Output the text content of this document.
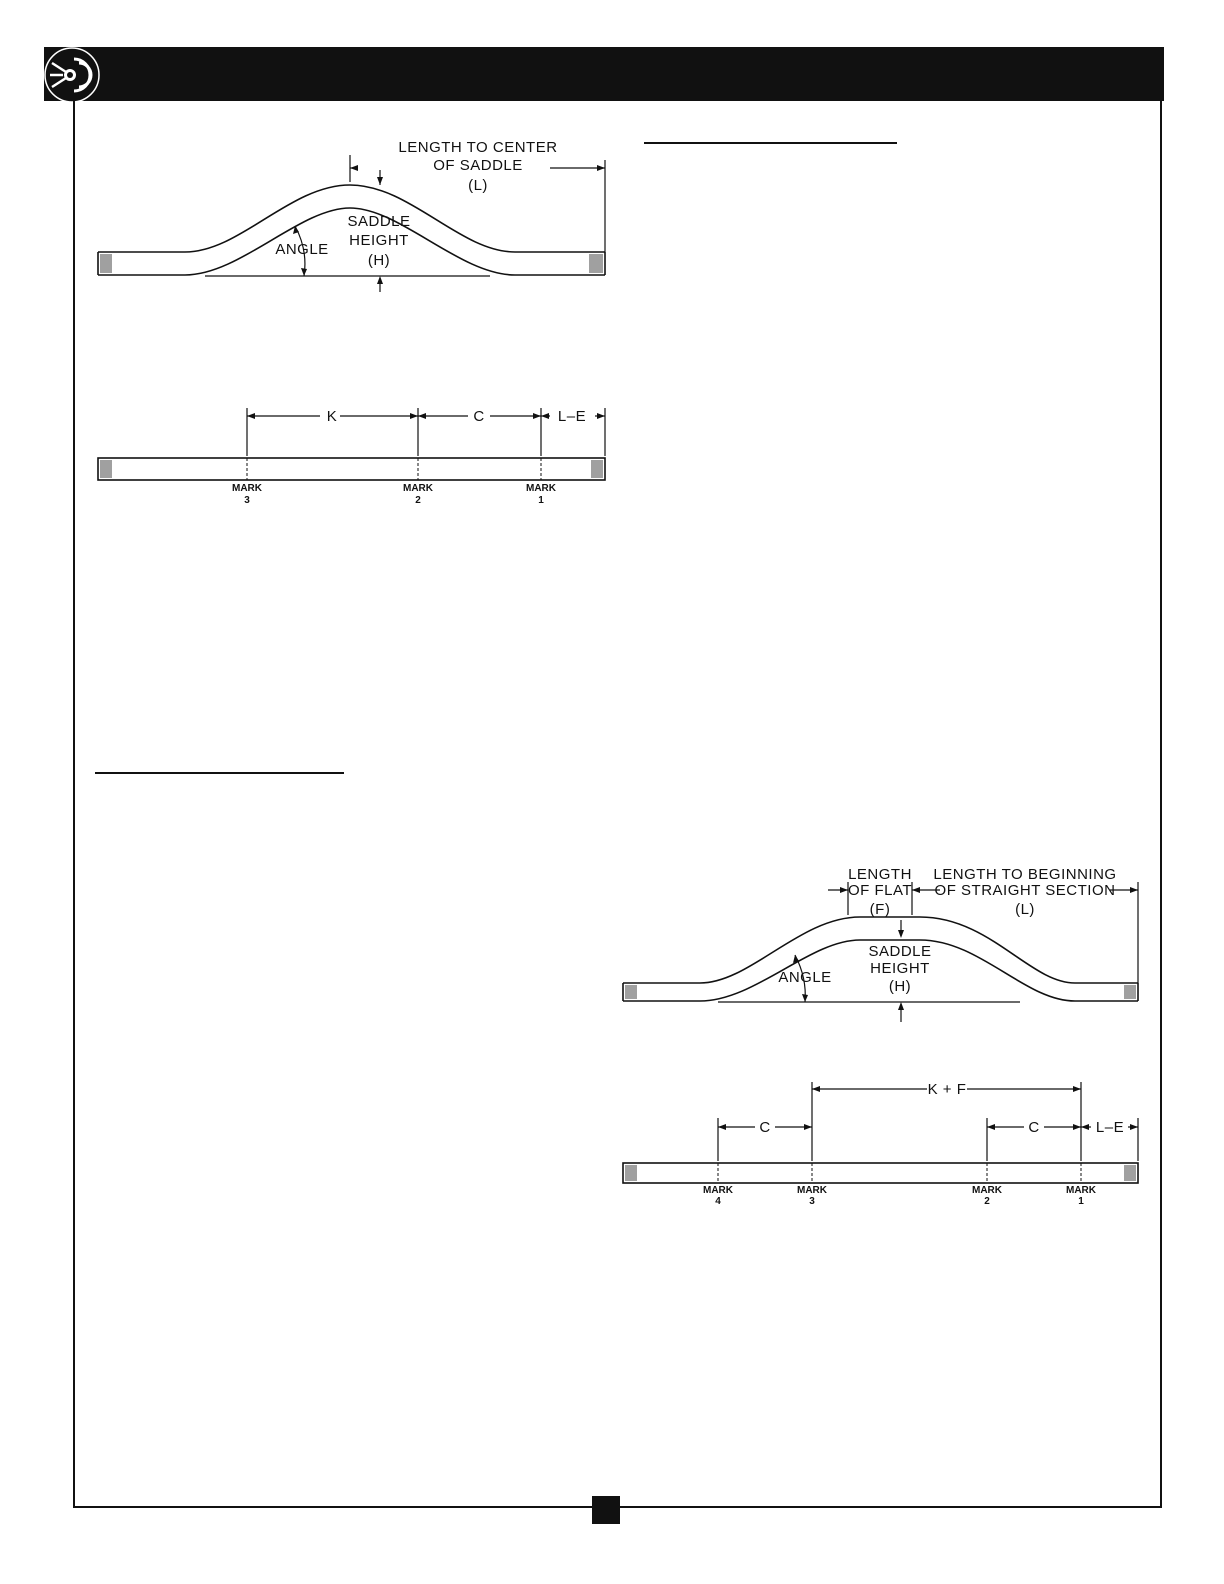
LENGTH TO CENTER
OF SADDLE
(L)
SADDLE
HEIGHT
(H)
ANGLE
K	C	L–E
MARK
3
MARK
2
MARK
1
LENGTH
OF FLAT
(F)
LENGTH TO BEGINNING
OF STRAIGHT SECTION
(L)
SADDLE
HEIGHT
(H)
ANGLE
K + F
C	C	L–E
MARK
4
MARK
3
MARK
2
MARK
1
